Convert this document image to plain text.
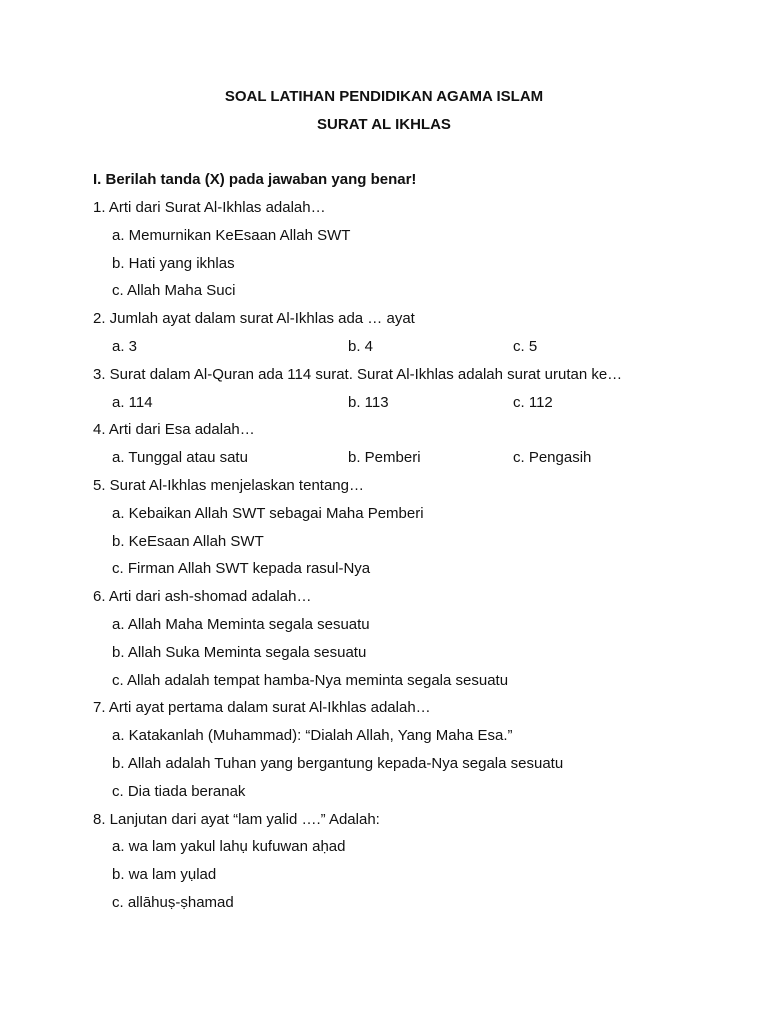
SOAL LATIHAN PENDIDIKAN AGAMA ISLAM
SURAT AL IKHLAS
I. Berilah tanda (X) pada jawaban yang benar!
1. Arti dari Surat Al-Ikhlas adalah…
a. Memurnikan KeEsaan Allah SWT
b. Hati yang ikhlas
c. Allah Maha Suci
2. Jumlah ayat dalam surat Al-Ikhlas ada … ayat
a. 3	b. 4	c. 5
3. Surat dalam Al-Quran ada 114 surat. Surat Al-Ikhlas adalah surat urutan ke…
a. 114	b. 113	c. 112
4. Arti dari Esa adalah…
a. Tunggal atau satu	b. Pemberi	c. Pengasih
5. Surat Al-Ikhlas menjelaskan tentang…
a. Kebaikan Allah SWT sebagai Maha Pemberi
b. KeEsaan Allah SWT
c. Firman Allah SWT kepada rasul-Nya
6. Arti dari ash-shomad adalah…
a. Allah Maha Meminta segala sesuatu
b. Allah Suka Meminta segala sesuatu
c. Allah adalah tempat hamba-Nya meminta segala sesuatu
7. Arti ayat pertama dalam surat Al-Ikhlas adalah…
a. Katakanlah (Muhammad): “Dialah Allah, Yang Maha Esa.”
b. Allah adalah Tuhan yang bergantung kepada-Nya segala sesuatu
c. Dia tiada beranak
8. Lanjutan dari ayat “lam yalid ….” Adalah:
a. wa lam yakul lahụ kufuwan aḥad
b. wa lam yụlad
c. allāhuṣ-ṣhamad
